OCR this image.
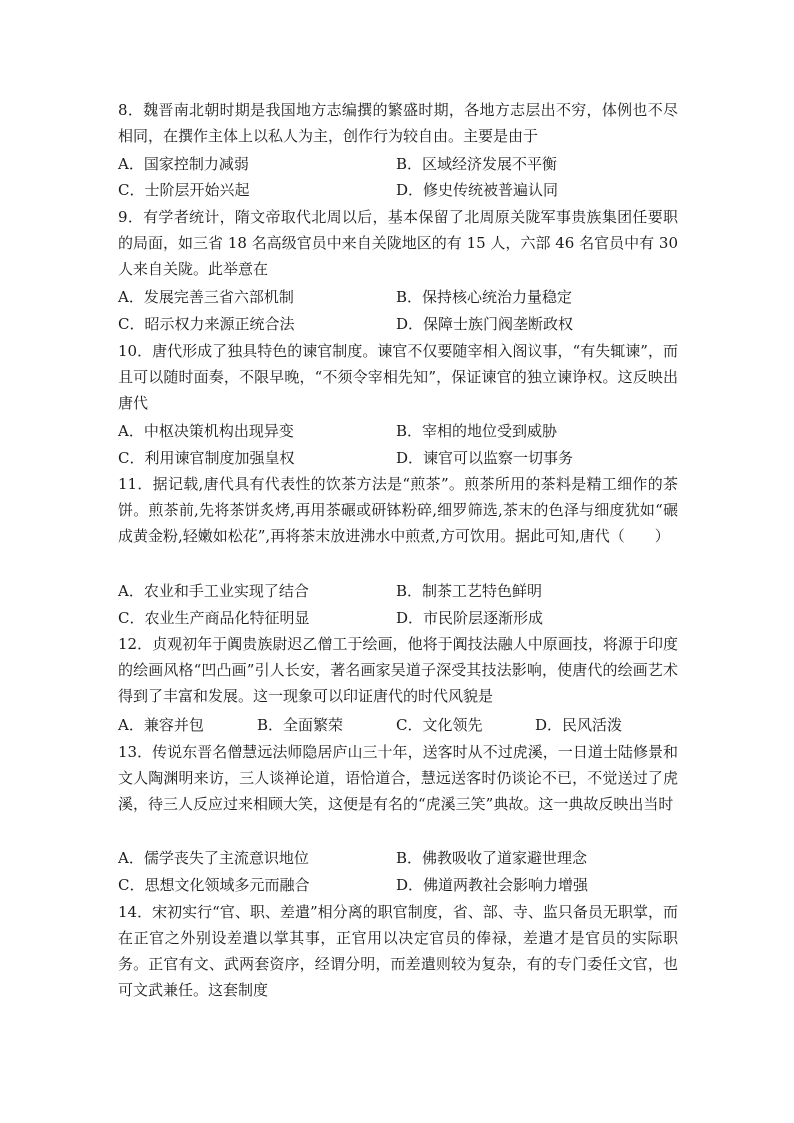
8．魏晋南北朝时期是我国地方志编撰的繁盛时期，各地方志层出不穷，体例也不尽相同，在撰作主体上以私人为主，创作行为较自由。主要是由于
A．国家控制力减弱	B．区域经济发展不平衡
C．士阶层开始兴起	D．修史传统被普遍认同
9．有学者统计，隋文帝取代北周以后，基本保留了北周原关陇军事贵族集团任要职的局面，如三省 18 名高级官员中来自关陇地区的有 15 人，六部 46 名官员中有 30 人来自关陇。此举意在
A．发展完善三省六部机制	B．保持核心统治力量稳定
C．昭示权力来源正统合法	D．保障士族门阀垄断政权
10．唐代形成了独具特色的谏官制度。谏官不仅要随宰相入阁议事，“有失辄谏”，而且可以随时面奏，不限早晚，“不须令宰相先知”，保证谏官的独立谏诤权。这反映出唐代
A．中枢决策机构出现异变	B．宰相的地位受到威胁
C．利用谏官制度加强皇权	D．谏官可以监察一切事务
11．据记载,唐代具有代表性的饮茶方法是“煎茶”。煎茶所用的茶料是精工细作的茶饼。煎茶前,先将茶饼炙烤,再用茶碾或研钵粉碎,细罗筛选,茶末的色泽与细度犹如“碾成黄金粉,轻嫩如松花”,再将茶末放进沸水中煎煮,方可饮用。据此可知,唐代（　　）
A．农业和手工业实现了结合	B．制茶工艺特色鲜明
C．农业生产商品化特征明显	D．市民阶层逐渐形成
12．贞观初年于阗贵族尉迟乙僧工于绘画，他将于阗技法融人中原画技，将源于印度的绘画风格“凹凸画”引人长安，著名画家吴道子深受其技法影响，使唐代的绘画艺术得到了丰富和发展。这一现象可以印证唐代的时代风貌是
A．兼容并包	B．全面繁荣	C．文化领先	D．民风活泼
13．传说东晋名僧慧远法师隐居庐山三十年，送客时从不过虎溪，一日道士陆修景和文人陶渊明来访，三人谈禅论道，语恰道合，慧远送客时仍谈论不已，不觉送过了虎溪，待三人反应过来相顾大笑，这便是有名的“虎溪三笑”典故。这一典故反映出当时
A．儒学丧失了主流意识地位	B．佛教吸收了道家避世理念
C．思想文化领域多元而融合	D．佛道两教社会影响力增强
14．宋初实行“官、职、差遣”相分离的职官制度，省、部、寺、监只备员无职掌，而在正官之外别设差遣以掌其事，正官用以决定官员的俸禄，差遣才是官员的实际职务。正官有文、武两套资序，经谓分明，而差遣则较为复杂，有的专门委任文官，也可文武兼任。这套制度
